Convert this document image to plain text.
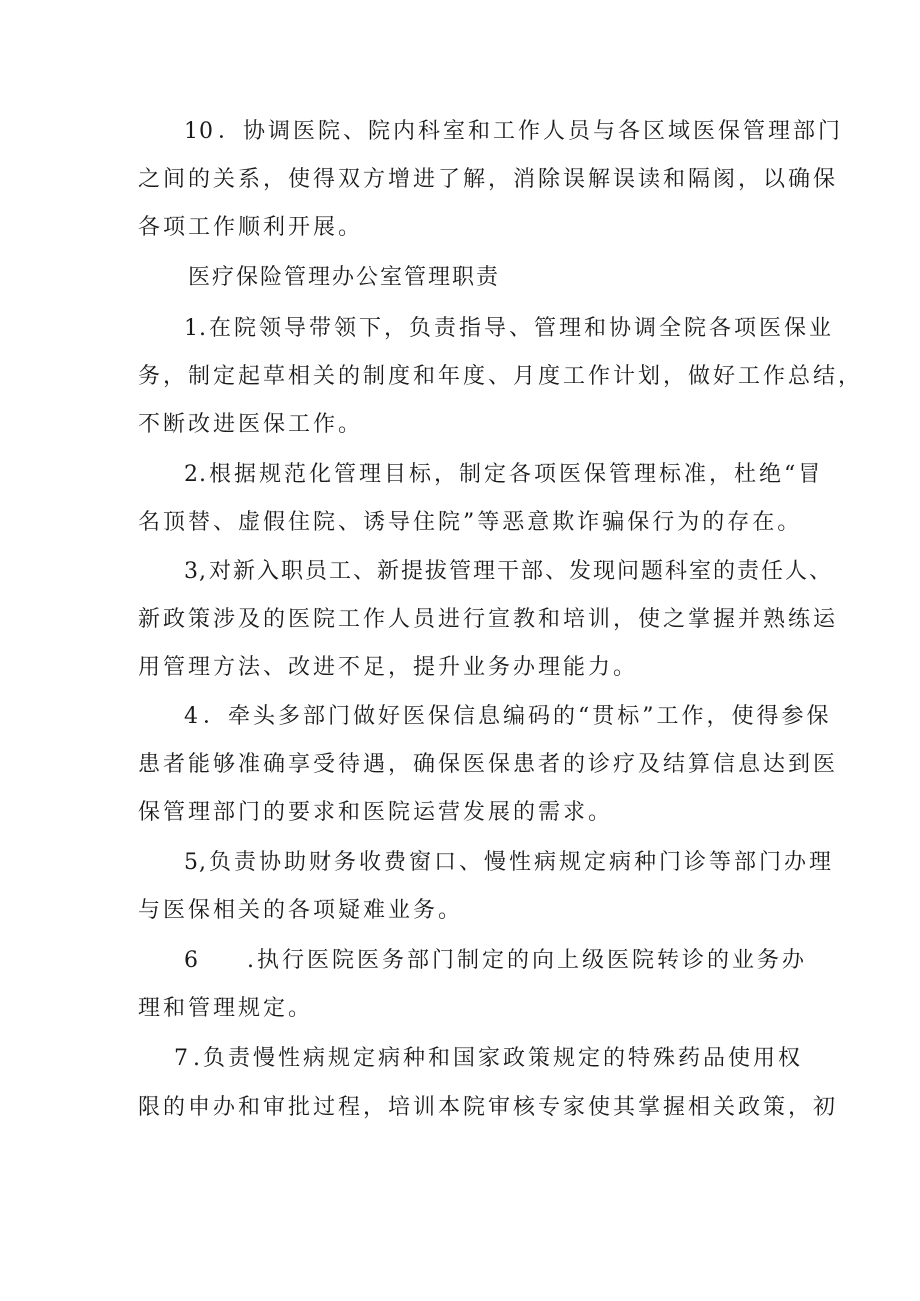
10 ．协调医院、院内科室和工作人员与各区域医保管理部门
之间的关系，使得双方增进了解，消除误解误读和隔阂，以确保
各项工作顺利开展。
医疗保险管理办公室管理职责
1.在院领导带领下，负责指导、管理和协调全院各项医保业
务，制定起草相关的制度和年度、月度工作计划，做好工作总结，
不断改进医保工作。
2.根据规范化管理目标，制定各项医保管理标准，杜绝“冒
名顶替、虚假住院、诱导住院”等恶意欺诈骗保行为的存在。
3,对新入职员工、新提拔管理干部、发现问题科室的责任人、
新政策涉及的医院工作人员进行宣教和培训，使之掌握并熟练运
用管理方法、改进不足，提升业务办理能力。
4 ．牵头多部门做好医保信息编码的“贯标”工作，使得参保
患者能够准确享受待遇，确保医保患者的诊疗及结算信息达到医
保管理部门的要求和医院运营发展的需求。
5,负责协助财务收费窗口、慢性病规定病种门诊等部门办理
与医保相关的各项疑难业务。
6 .执行医院医务部门制定的向上级医院转诊的业务办
理和管理规定。
7 .负责慢性病规定病种和国家政策规定的特殊药品使用权
限的申办和审批过程，培训本院审核专家使其掌握相关政策，初
